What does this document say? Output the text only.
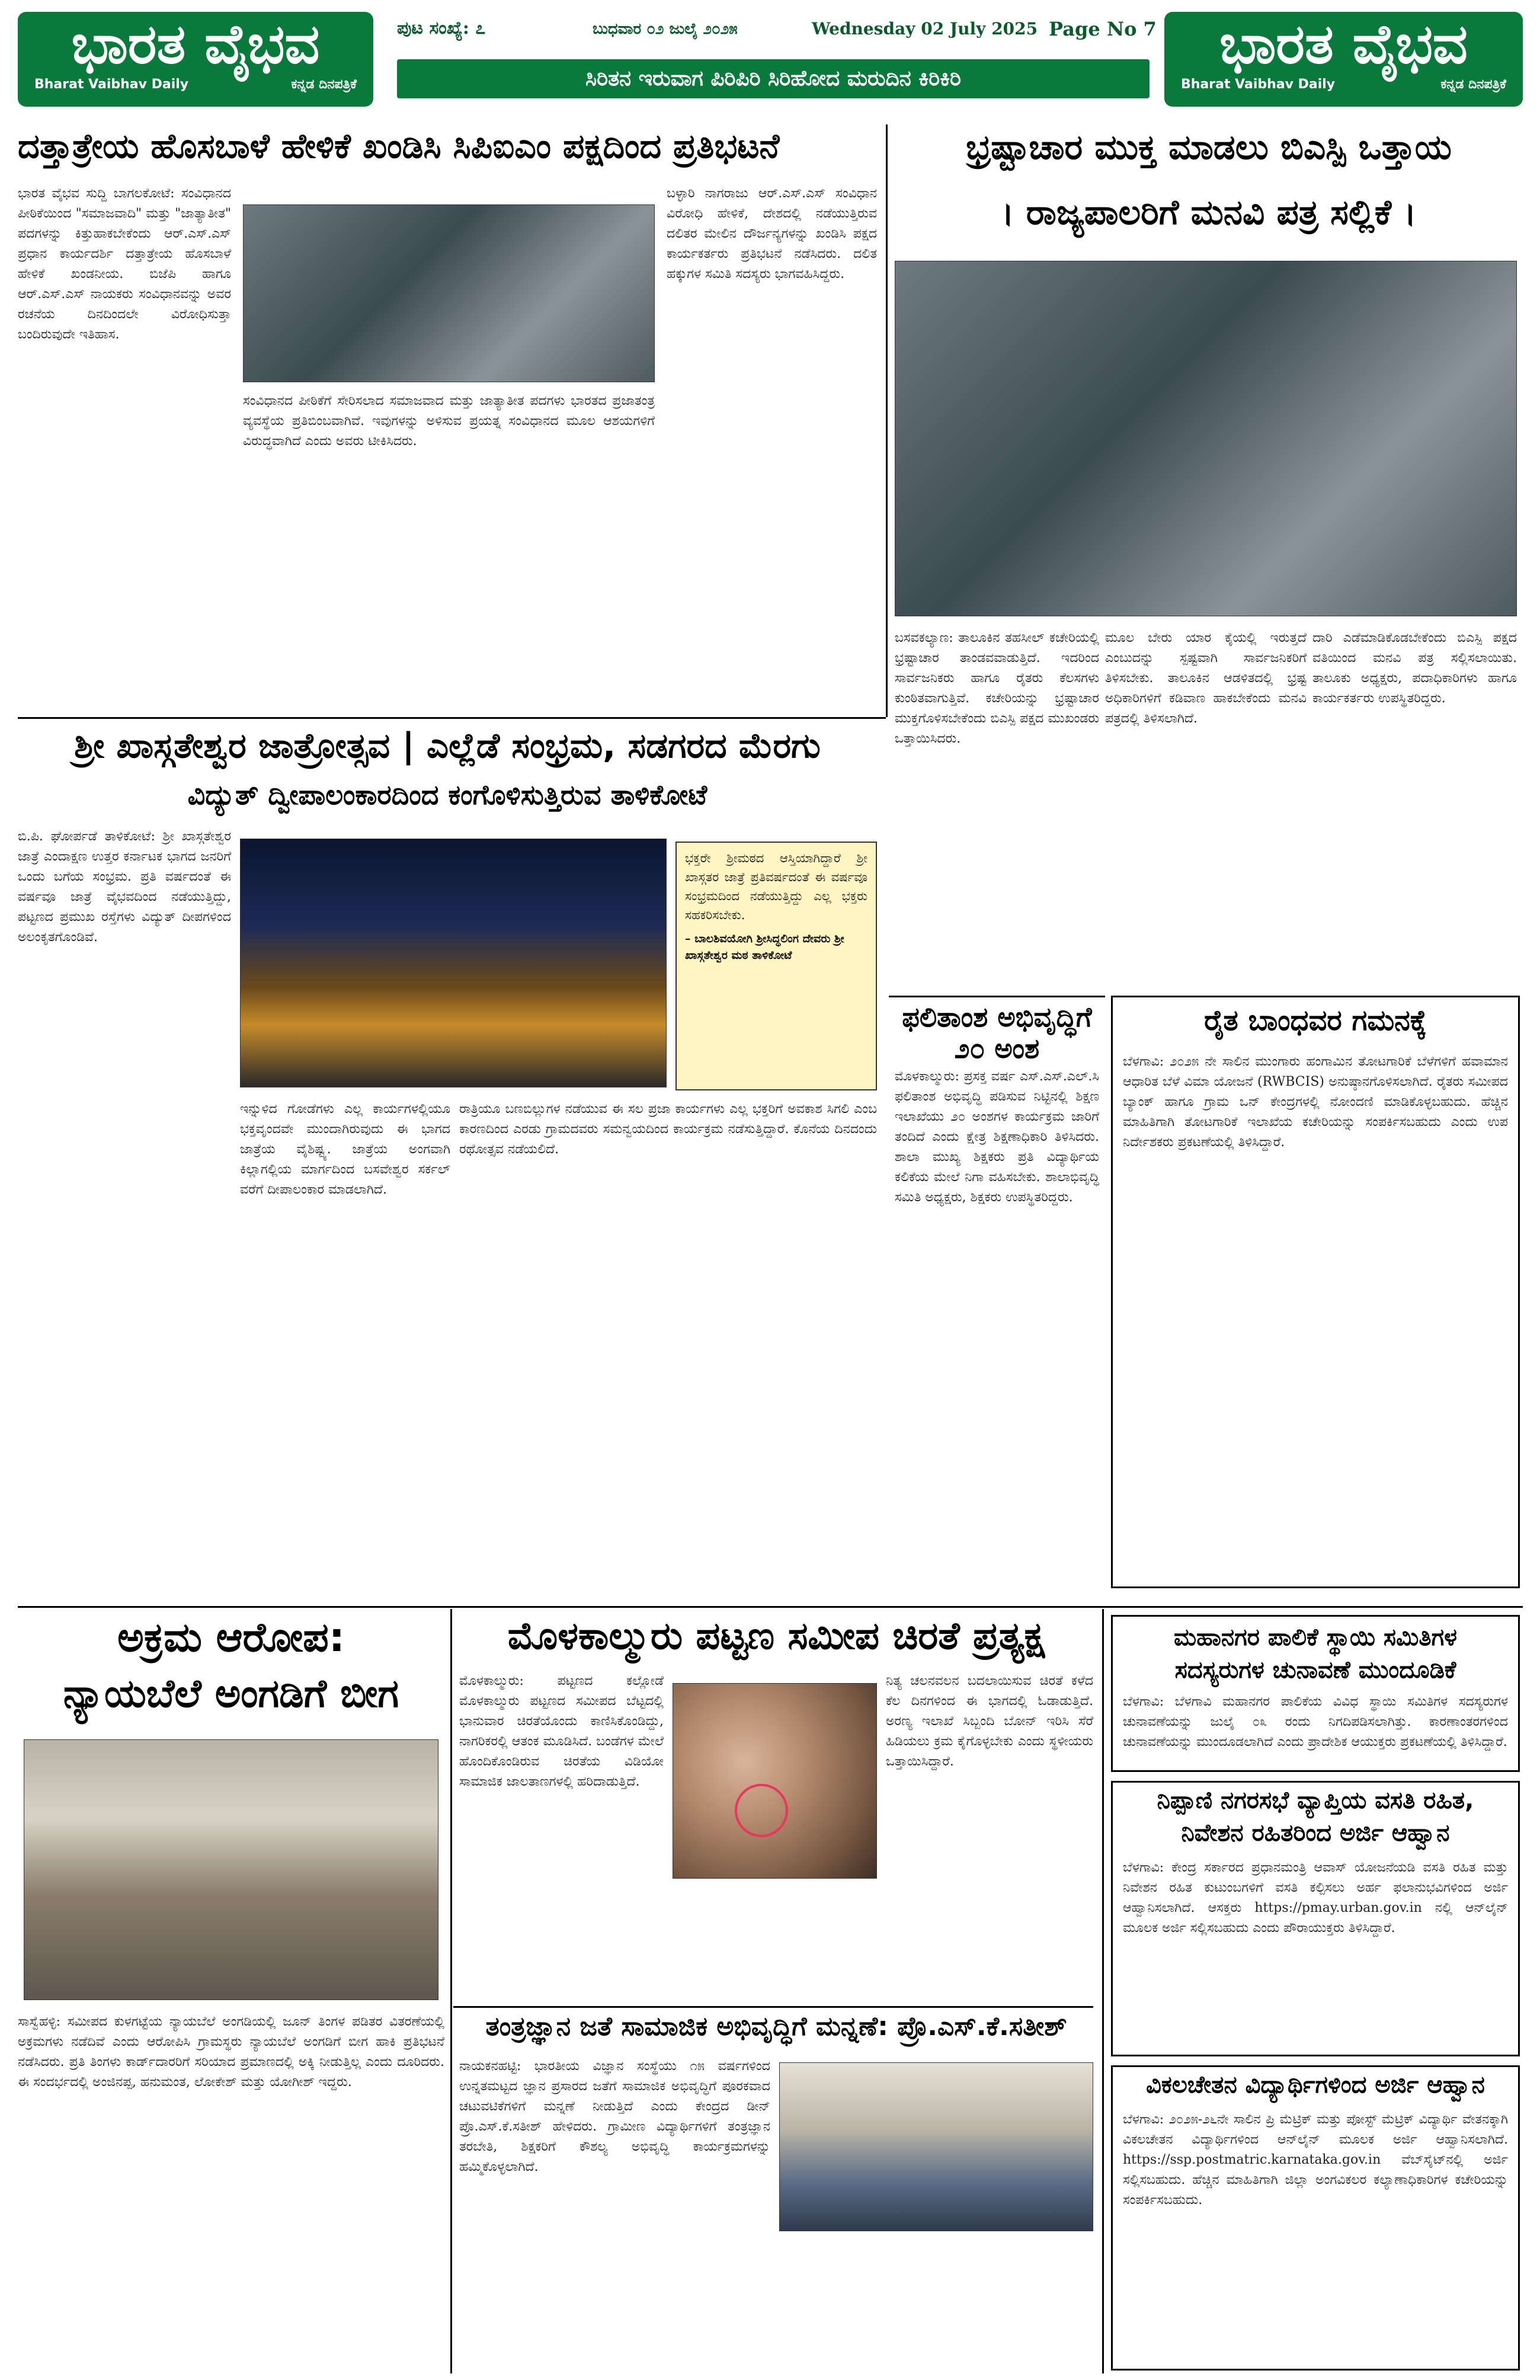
ಭಾರತ ವೈಭವ
Bharat Vaibhav Daily	ಕನ್ನಡ ದಿನಪತ್ರಿಕೆ
ಭಾರತ ವೈಭವ
Bharat Vaibhav Daily	ಕನ್ನಡ ದಿನಪತ್ರಿಕೆ
ಪುಟ ಸಂಖ್ಯೆ: ೭	ಬುಧವಾರ ೦೨ ಜುಲೈ ೨೦೨೫	Wednesday 02 July 2025 Page No 7
ಸಿರಿತನ ಇರುವಾಗ ಪಿರಿಪಿರಿ ಸಿರಿಹೋದ ಮರುದಿನ ಕಿರಿಕಿರಿ
ದತ್ತಾತ್ರೇಯ ಹೊಸಬಾಳೆ ಹೇಳಿಕೆ ಖಂಡಿಸಿ ಸಿಪಿಐಎಂ ಪಕ್ಷದಿಂದ ಪ್ರತಿಭಟನೆ
ಭಾರತ ವೈಭವ ಸುದ್ದಿ ಬಾಗಲಕೋಟೆ: ಸಂವಿಧಾನದ ಪೀಠಿಕೆಯಿಂದ "ಸಮಾಜವಾದಿ" ಮತ್ತು "ಜಾತ್ಯಾತೀತ" ಪದಗಳನ್ನು ಕಿತ್ತುಹಾಕಬೇಕೆಂದು ಆರ್.ಎಸ್.ಎಸ್ ಪ್ರಧಾನ ಕಾರ್ಯದರ್ಶಿ ದತ್ತಾತ್ರೇಯ ಹೊಸಬಾಳೆ ಹೇಳಿಕೆ ಖಂಡನೀಯ. ಬಿಜೆಪಿ ಹಾಗೂ ಆರ್.ಎಸ್.ಎಸ್ ನಾಯಕರು ಸಂವಿಧಾನವನ್ನು ಅವರ ರಚನೆಯ ದಿನದಿಂದಲೇ ವಿರೋಧಿಸುತ್ತಾ ಬಂದಿರುವುದೇ ಇತಿಹಾಸ.
ಸಂವಿಧಾನದ ಪೀಠಿಕೆಗೆ ಸೇರಿಸಲಾದ ಸಮಾಜವಾದ ಮತ್ತು ಜಾತ್ಯಾತೀತ ಪದಗಳು ಭಾರತದ ಪ್ರಜಾತಂತ್ರ ವ್ಯವಸ್ಥೆಯ ಪ್ರತಿಬಿಂಬವಾಗಿವೆ. ಇವುಗಳನ್ನು ಅಳಿಸುವ ಪ್ರಯತ್ನ ಸಂವಿಧಾನದ ಮೂಲ ಆಶಯಗಳಿಗೆ ವಿರುದ್ಧವಾಗಿದೆ ಎಂದು ಅವರು ಟೀಕಿಸಿದರು.
ಬಳ್ಳಾರಿ ನಾಗರಾಜು ಆರ್.ಎಸ್.ಎಸ್ ಸಂವಿಧಾನ ವಿರೋಧಿ ಹೇಳಿಕೆ, ದೇಶದಲ್ಲಿ ನಡೆಯುತ್ತಿರುವ ದಲಿತರ ಮೇಲಿನ ದೌರ್ಜನ್ಯಗಳನ್ನು ಖಂಡಿಸಿ ಪಕ್ಷದ ಕಾರ್ಯಕರ್ತರು ಪ್ರತಿಭಟನೆ ನಡೆಸಿದರು. ದಲಿತ ಹಕ್ಕುಗಳ ಸಮಿತಿ ಸದಸ್ಯರು ಭಾಗವಹಿಸಿದ್ದರು.
ಭ್ರಷ್ಟಾಚಾರ ಮುಕ್ತ ಮಾಡಲು ಬಿಎಸ್ಪಿ ಒತ್ತಾಯ
। ರಾಜ್ಯಪಾಲರಿಗೆ ಮನವಿ ಪತ್ರ ಸಲ್ಲಿಕೆ ।
ಬಸವಕಲ್ಯಾಣ: ತಾಲೂಕಿನ ತಹಸೀಲ್ ಕಚೇರಿಯಲ್ಲಿ ಭ್ರಷ್ಟಾಚಾರ ತಾಂಡವವಾಡುತ್ತಿದೆ. ಇದರಿಂದ ಸಾರ್ವಜನಿಕರು ಹಾಗೂ ರೈತರು ಕೆಲಸಗಳು ಕುಂಠಿತವಾಗುತ್ತಿವೆ. ಕಚೇರಿಯನ್ನು ಭ್ರಷ್ಟಾಚಾರ ಮುಕ್ತಗೊಳಿಸಬೇಕೆಂದು ಬಿಎಸ್ಪಿ ಪಕ್ಷದ ಮುಖಂಡರು ಒತ್ತಾಯಿಸಿದರು.
ಮೂಲ ಬೇರು ಯಾರ ಕೈಯಲ್ಲಿ ಇರುತ್ತದೆ ಎಂಬುದನ್ನು ಸ್ಪಷ್ಟವಾಗಿ ಸಾರ್ವಜನಿಕರಿಗೆ ತಿಳಿಸಬೇಕು. ತಾಲೂಕಿನ ಆಡಳಿತದಲ್ಲಿ ಭ್ರಷ್ಟ ಅಧಿಕಾರಿಗಳಿಗೆ ಕಡಿವಾಣ ಹಾಕಬೇಕೆಂದು ಮನವಿ ಪತ್ರದಲ್ಲಿ ತಿಳಿಸಲಾಗಿದೆ.
ದಾರಿ ಎಡೆಮಾಡಿಕೊಡಬೇಕೆಂದು ಬಿಎಸ್ಪಿ ಪಕ್ಷದ ವತಿಯಿಂದ ಮನವಿ ಪತ್ರ ಸಲ್ಲಿಸಲಾಯಿತು. ತಾಲೂಕು ಅಧ್ಯಕ್ಷರು, ಪದಾಧಿಕಾರಿಗಳು ಹಾಗೂ ಕಾರ್ಯಕರ್ತರು ಉಪಸ್ಥಿತರಿದ್ದರು.
ಶ್ರೀ ಖಾಸ್ಗತೇಶ್ವರ ಜಾತ್ರೋತ್ಸವ | ಎಲ್ಲೆಡೆ ಸಂಭ್ರಮ, ಸಡಗರದ ಮೆರಗು
ವಿದ್ಯುತ್ ದ್ವೀಪಾಲಂಕಾರದಿಂದ ಕಂಗೊಳಿಸುತ್ತಿರುವ ತಾಳಿಕೋಟೆ
ಬಿ.ಪಿ. ಘೋರ್ಪಡೆ ತಾಳಿಕೋಟೆ: ಶ್ರೀ ಖಾಸ್ಗತೇಶ್ವರ ಜಾತ್ರೆ ಎಂದಾಕ್ಷಣ ಉತ್ತರ ಕರ್ನಾಟಕ ಭಾಗದ ಜನರಿಗೆ ಒಂದು ಬಗೆಯ ಸಂಭ್ರಮ. ಪ್ರತಿ ವರ್ಷದಂತೆ ಈ ವರ್ಷವೂ ಜಾತ್ರೆ ವೈಭವದಿಂದ ನಡೆಯುತ್ತಿದ್ದು, ಪಟ್ಟಣದ ಪ್ರಮುಖ ರಸ್ತೆಗಳು ವಿದ್ಯುತ್ ದೀಪಗಳಿಂದ ಅಲಂಕೃತಗೊಂಡಿವೆ.
ಭಕ್ತರೇ ಶ್ರೀಮಠದ ಆಸ್ತಿಯಾಗಿದ್ದಾರೆ ಶ್ರೀ ಖಾಸ್ಗತರ ಜಾತ್ರೆ ಪ್ರತಿವರ್ಷದಂತೆ ಈ ವರ್ಷವೂ ಸಂಭ್ರಮದಿಂದ ನಡೆಯುತ್ತಿದ್ದು ಎಲ್ಲ ಭಕ್ತರು ಸಹಕರಿಸಬೇಕು.
– ಬಾಲಶಿವಯೋಗಿ ಶ್ರೀಸಿದ್ಧಲಿಂಗ ದೇವರು ಶ್ರೀ ಖಾಸ್ಗತೇಶ್ವರ ಮಠ ತಾಳಿಕೋಟೆ
ಇನ್ನುಳಿದ ಗೋಡೆಗಳು ಎಲ್ಲ ಕಾರ್ಯಗಳಲ್ಲಿಯೂ ಭಕ್ತವೃಂದವೇ ಮುಂದಾಗಿರುವುದು ಈ ಭಾಗದ ಜಾತ್ರೆಯ ವೈಶಿಷ್ಟ್ಯ. ಜಾತ್ರೆಯ ಅಂಗವಾಗಿ ಕಿಲ್ಲಾಗಲ್ಲಿಯ ಮಾರ್ಗದಿಂದ ಬಸವೇಶ್ವರ ಸರ್ಕಲ್ ವರೆಗೆ ದೀಪಾಲಂಕಾರ ಮಾಡಲಾಗಿದೆ.
ರಾತ್ರಿಯೂ ಬಣಬಿಲ್ಲುಗಳ ನಡೆಯುವ ಈ ಸಲ ಪ್ರಜಾ ಕಾರ್ಯಗಳು ಎಲ್ಲ ಭಕ್ತರಿಗೆ ಅವಕಾಶ ಸಿಗಲಿ ಎಂಬ ಕಾರಣದಿಂದ ಎರಡು ಗ್ರಾಮದವರು ಸಮನ್ವಯದಿಂದ ಕಾರ್ಯಕ್ರಮ ನಡೆಸುತ್ತಿದ್ದಾರೆ. ಕೊನೆಯ ದಿನದಂದು ರಥೋತ್ಸವ ನಡೆಯಲಿದೆ.
ಫಲಿತಾಂಶ ಅಭಿವೃದ್ಧಿಗೆ ೨೦ ಅಂಶ
ಮೊಳಕಾಲ್ಮುರು: ಪ್ರಸಕ್ತ ವರ್ಷ ಎಸ್.ಎಸ್.ಎಲ್.ಸಿ ಫಲಿತಾಂಶ ಅಭಿವೃದ್ಧಿ ಪಡಿಸುವ ನಿಟ್ಟಿನಲ್ಲಿ ಶಿಕ್ಷಣ ಇಲಾಖೆಯು ೨೦ ಅಂಶಗಳ ಕಾರ್ಯಕ್ರಮ ಜಾರಿಗೆ ತಂದಿದೆ ಎಂದು ಕ್ಷೇತ್ರ ಶಿಕ್ಷಣಾಧಿಕಾರಿ ತಿಳಿಸಿದರು. ಶಾಲಾ ಮುಖ್ಯ ಶಿಕ್ಷಕರು ಪ್ರತಿ ವಿದ್ಯಾರ್ಥಿಯ ಕಲಿಕೆಯ ಮೇಲೆ ನಿಗಾ ವಹಿಸಬೇಕು. ಶಾಲಾಭಿವೃದ್ಧಿ ಸಮಿತಿ ಅಧ್ಯಕ್ಷರು, ಶಿಕ್ಷಕರು ಉಪಸ್ಥಿತರಿದ್ದರು.
ರೈತ ಬಾಂಧವರ ಗಮನಕ್ಕೆ
ಬೆಳಗಾವಿ: ೨೦೨೫ ನೇ ಸಾಲಿನ ಮುಂಗಾರು ಹಂಗಾಮಿನ ತೋಟಗಾರಿಕೆ ಬೆಳೆಗಳಿಗೆ ಹವಾಮಾನ ಆಧಾರಿತ ಬೆಳೆ ವಿಮಾ ಯೋಜನೆ (RWBCIS) ಅನುಷ್ಠಾನಗೊಳಿಸಲಾಗಿದೆ. ರೈತರು ಸಮೀಪದ ಬ್ಯಾಂಕ್ ಹಾಗೂ ಗ್ರಾಮ ಒನ್ ಕೇಂದ್ರಗಳಲ್ಲಿ ನೋಂದಣಿ ಮಾಡಿಕೊಳ್ಳಬಹುದು. ಹೆಚ್ಚಿನ ಮಾಹಿತಿಗಾಗಿ ತೋಟಗಾರಿಕೆ ಇಲಾಖೆಯ ಕಚೇರಿಯನ್ನು ಸಂಪರ್ಕಿಸಬಹುದು ಎಂದು ಉಪ ನಿರ್ದೇಶಕರು ಪ್ರಕಟಣೆಯಲ್ಲಿ ತಿಳಿಸಿದ್ದಾರೆ.
ಅಕ್ರಮ ಆರೋಪ:
ನ್ಯಾಯಬೆಲೆ ಅಂಗಡಿಗೆ ಬೀಗ
ಸಾಸ್ವೆಹಳ್ಳಿ: ಸಮೀಪದ ಕುಳಗಟ್ಟೆಯ ನ್ಯಾಯಬೆಲೆ ಅಂಗಡಿಯಲ್ಲಿ ಜೂನ್ ತಿಂಗಳ ಪಡಿತರ ವಿತರಣೆಯಲ್ಲಿ ಅಕ್ರಮಗಳು ನಡೆದಿವೆ ಎಂದು ಆರೋಪಿಸಿ ಗ್ರಾಮಸ್ಥರು ನ್ಯಾಯಬೆಲೆ ಅಂಗಡಿಗೆ ಬೀಗ ಹಾಕಿ ಪ್ರತಿಭಟನೆ ನಡೆಸಿದರು. ಪ್ರತಿ ತಿಂಗಳು ಕಾರ್ಡ್‌ದಾರರಿಗೆ ಸರಿಯಾದ ಪ್ರಮಾಣದಲ್ಲಿ ಅಕ್ಕಿ ನೀಡುತ್ತಿಲ್ಲ ಎಂದು ದೂರಿದರು. ಈ ಸಂದರ್ಭದಲ್ಲಿ ಅಂಜಿನಪ್ಪ, ಹನುಮಂತ, ಲೋಕೇಶ್ ಮತ್ತು ಯೋಗೀಶ್ ಇದ್ದರು.
ಮೊಳಕಾಲ್ಮುರು ಪಟ್ಟಣ ಸಮೀಪ ಚಿರತೆ ಪ್ರತ್ಯಕ್ಷ
ಮೊಳಕಾಲ್ಮುರು: ಪಟ್ಟಣದ ಕಲ್ಲೋಡೆ ಮೊಳಕಾಲ್ಮುರು ಪಟ್ಟಣದ ಸಮೀಪದ ಬೆಟ್ಟದಲ್ಲಿ ಭಾನುವಾರ ಚಿರತೆಯೊಂದು ಕಾಣಿಸಿಕೊಂಡಿದ್ದು, ನಾಗರಿಕರಲ್ಲಿ ಆತಂಕ ಮೂಡಿಸಿದೆ. ಬಂಡೆಗಳ ಮೇಲೆ ಹೊಂದಿಕೊಂಡಿರುವ ಚಿರತೆಯ ವಿಡಿಯೋ ಸಾಮಾಜಿಕ ಜಾಲತಾಣಗಳಲ್ಲಿ ಹರಿದಾಡುತ್ತಿದೆ.
ನಿತ್ಯ ಚಲನವಲನ ಬದಲಾಯಿಸುವ ಚಿರತೆ ಕಳೆದ ಕೆಲ ದಿನಗಳಿಂದ ಈ ಭಾಗದಲ್ಲಿ ಓಡಾಡುತ್ತಿದೆ. ಅರಣ್ಯ ಇಲಾಖೆ ಸಿಬ್ಬಂದಿ ಬೋನ್ ಇರಿಸಿ ಸೆರೆ ಹಿಡಿಯಲು ಕ್ರಮ ಕೈಗೊಳ್ಳಬೇಕು ಎಂದು ಸ್ಥಳೀಯರು ಒತ್ತಾಯಿಸಿದ್ದಾರೆ.
ತಂತ್ರಜ್ಞಾನ ಜತೆ ಸಾಮಾಜಿಕ ಅಭಿವೃದ್ಧಿಗೆ ಮನ್ನಣೆ: ಪ್ರೊ.ಎಸ್.ಕೆ.ಸತೀಶ್
ನಾಯಕನಹಟ್ಟಿ: ಭಾರತೀಯ ವಿಜ್ಞಾನ ಸಂಸ್ಥೆಯು ೧೫ ವರ್ಷಗಳಿಂದ ಉನ್ನತಮಟ್ಟದ ಜ್ಞಾನ ಪ್ರಸಾರದ ಜತೆಗೆ ಸಾಮಾಜಿಕ ಅಭಿವೃದ್ಧಿಗೆ ಪೂರಕವಾದ ಚಟುವಟಿಕೆಗಳಿಗೆ ಮನ್ನಣೆ ನೀಡುತ್ತಿದೆ ಎಂದು ಕೇಂದ್ರದ ಡೀನ್ ಪ್ರೊ.ಎಸ್.ಕೆ.ಸತೀಶ್ ಹೇಳಿದರು. ಗ್ರಾಮೀಣ ವಿದ್ಯಾರ್ಥಿಗಳಿಗೆ ತಂತ್ರಜ್ಞಾನ ತರಬೇತಿ, ಶಿಕ್ಷಕರಿಗೆ ಕೌಶಲ್ಯ ಅಭಿವೃದ್ಧಿ ಕಾರ್ಯಕ್ರಮಗಳನ್ನು ಹಮ್ಮಿಕೊಳ್ಳಲಾಗಿದೆ.
ಮಹಾನಗರ ಪಾಲಿಕೆ ಸ್ಥಾಯಿ ಸಮಿತಿಗಳ
ಸದಸ್ಯರುಗಳ ಚುನಾವಣೆ ಮುಂದೂಡಿಕೆ
ಬೆಳಗಾವಿ: ಬೆಳಗಾವಿ ಮಹಾನಗರ ಪಾಲಿಕೆಯ ವಿವಿಧ ಸ್ಥಾಯಿ ಸಮಿತಿಗಳ ಸದಸ್ಯರುಗಳ ಚುನಾವಣೆಯನ್ನು ಜುಲೈ ೦೩ ರಂದು ನಿಗದಿಪಡಿಸಲಾಗಿತ್ತು. ಕಾರಣಾಂತರಗಳಿಂದ ಚುನಾವಣೆಯನ್ನು ಮುಂದೂಡಲಾಗಿದೆ ಎಂದು ಪ್ರಾದೇಶಿಕ ಆಯುಕ್ತರು ಪ್ರಕಟಣೆಯಲ್ಲಿ ತಿಳಿಸಿದ್ದಾರೆ.
ನಿಪ್ಪಾಣಿ ನಗರಸಭೆ ವ್ಯಾಪ್ತಿಯ ವಸತಿ ರಹಿತ,
ನಿವೇಶನ ರಹಿತರಿಂದ ಅರ್ಜಿ ಆಹ್ವಾನ
ಬೆಳಗಾವಿ: ಕೇಂದ್ರ ಸರ್ಕಾರದ ಪ್ರಧಾನಮಂತ್ರಿ ಆವಾಸ್ ಯೋಜನೆಯಡಿ ವಸತಿ ರಹಿತ ಮತ್ತು ನಿವೇಶನ ರಹಿತ ಕುಟುಂಬಗಳಿಗೆ ವಸತಿ ಕಲ್ಪಿಸಲು ಅರ್ಹ ಫಲಾನುಭವಿಗಳಿಂದ ಅರ್ಜಿ ಆಹ್ವಾನಿಸಲಾಗಿದೆ. ಆಸಕ್ತರು https://pmay.urban.gov.in ನಲ್ಲಿ ಆನ್‌ಲೈನ್ ಮೂಲಕ ಅರ್ಜಿ ಸಲ್ಲಿಸಬಹುದು ಎಂದು ಪೌರಾಯುಕ್ತರು ತಿಳಿಸಿದ್ದಾರೆ.
ವಿಕಲಚೇತನ ವಿದ್ಯಾರ್ಥಿಗಳಿಂದ ಅರ್ಜಿ ಆಹ್ವಾನ
ಬೆಳಗಾವಿ: ೨೦೨೫-೨೬ನೇ ಸಾಲಿನ ಪ್ರಿ ಮೆಟ್ರಿಕ್ ಮತ್ತು ಪೋಸ್ಟ್ ಮೆಟ್ರಿಕ್ ವಿದ್ಯಾರ್ಥಿ ವೇತನಕ್ಕಾಗಿ ವಿಕಲಚೇತನ ವಿದ್ಯಾರ್ಥಿಗಳಿಂದ ಆನ್‌ಲೈನ್ ಮೂಲಕ ಅರ್ಜಿ ಆಹ್ವಾನಿಸಲಾಗಿದೆ. https://ssp.postmatric.karnataka.gov.in ವೆಬ್‌ಸೈಟ್‌ನಲ್ಲಿ ಅರ್ಜಿ ಸಲ್ಲಿಸಬಹುದು. ಹೆಚ್ಚಿನ ಮಾಹಿತಿಗಾಗಿ ಜಿಲ್ಲಾ ಅಂಗವಿಕಲರ ಕಲ್ಯಾಣಾಧಿಕಾರಿಗಳ ಕಚೇರಿಯನ್ನು ಸಂಪರ್ಕಿಸಬಹುದು.
